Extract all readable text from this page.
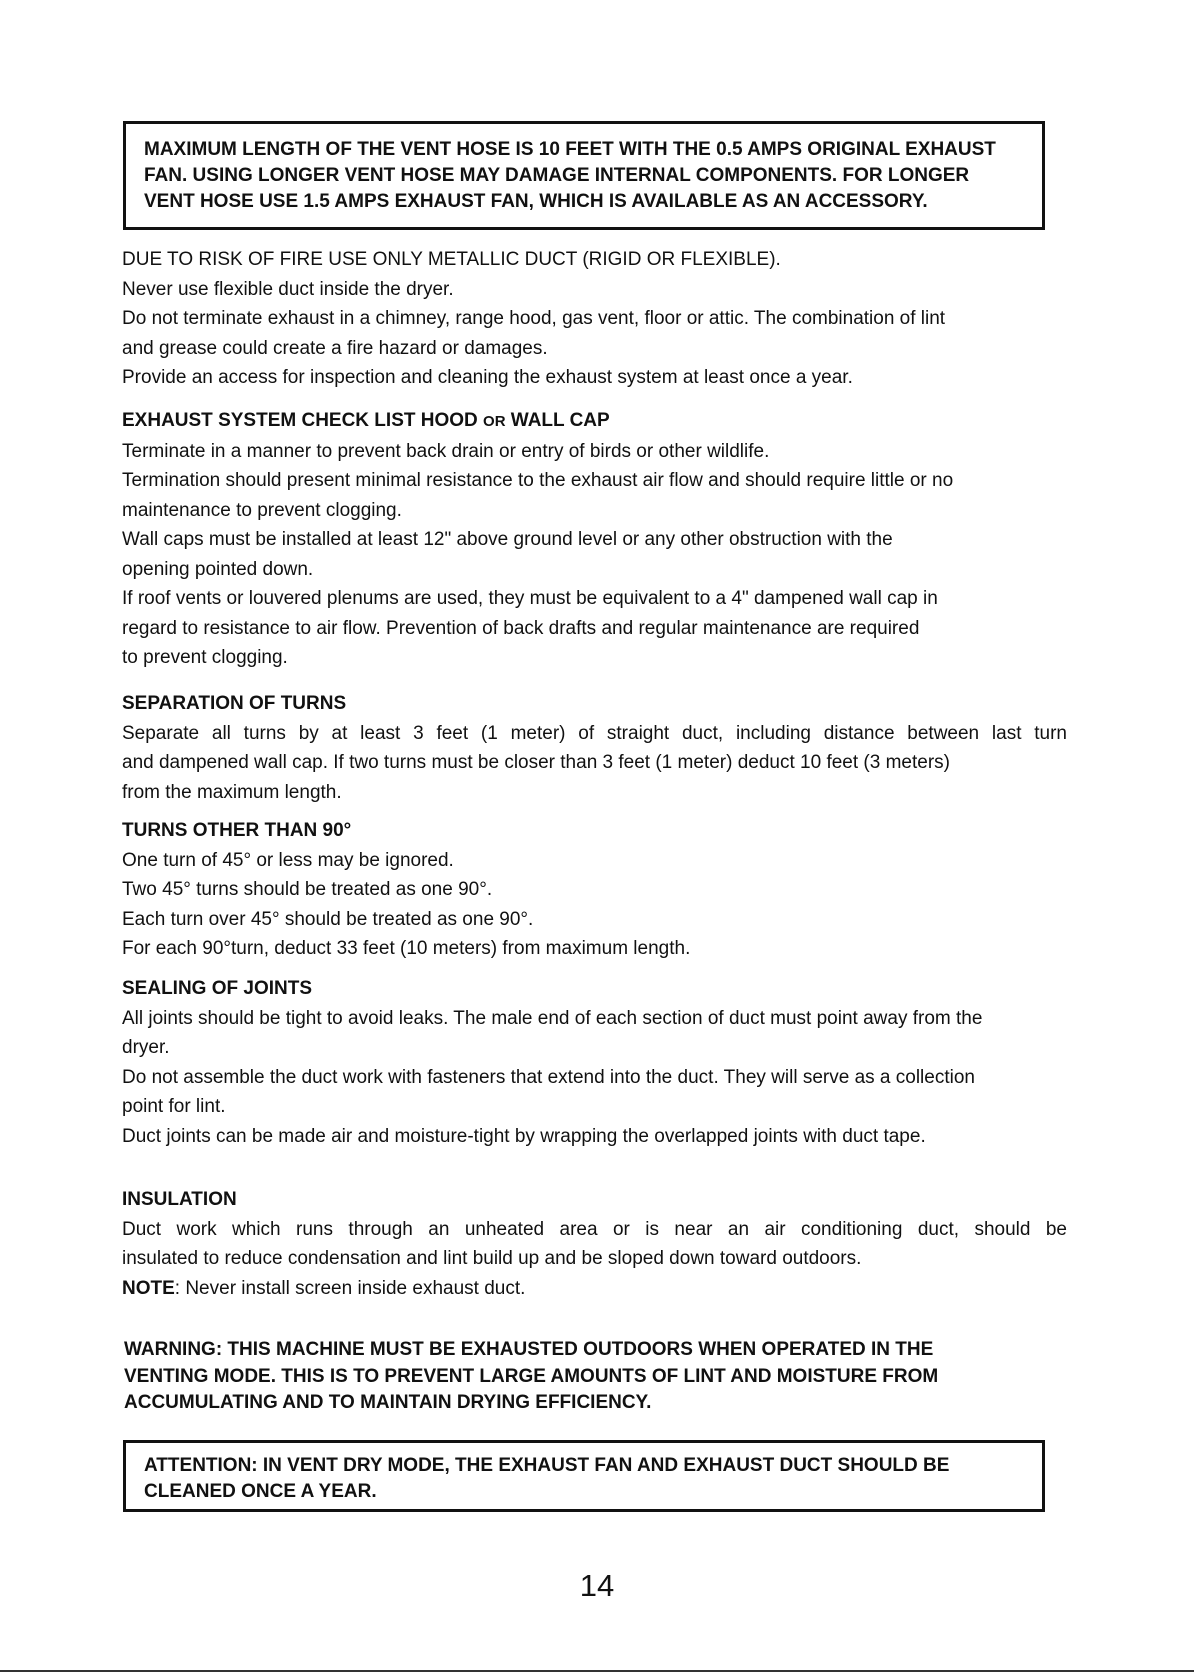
MAXIMUM LENGTH OF THE VENT HOSE IS 10 FEET WITH THE 0.5 AMPS ORIGINAL EXHAUST

FAN. USING LONGER VENT HOSE MAY DAMAGE INTERNAL COMPONENTS. FOR LONGER

VENT HOSE USE 1.5 AMPS EXHAUST FAN, WHICH IS AVAILABLE AS AN ACCESSORY.

DUE TO RISK OF FIRE USE ONLY METALLIC DUCT (RIGID OR FLEXIBLE).

Never use flexible duct inside the dryer.

Do not terminate exhaust in a chimney, range hood, gas vent, floor or attic. The combination of lint

and grease could create a fire hazard or damages.

Provide an access for inspection and cleaning the exhaust system at least once a year.

EXHAUST SYSTEM CHECK LIST HOOD OR WALL CAP

Terminate in a manner to prevent back drain or entry of birds or other wildlife.

Termination should present minimal resistance to the exhaust air flow and should require little or no

maintenance to prevent clogging.

Wall caps must be installed at least 12" above ground level or any other obstruction with the

opening pointed down.

If roof vents or louvered plenums are used, they must be equivalent to a 4" dampened wall cap in

regard to resistance to air flow. Prevention of back drafts and regular maintenance are required

to prevent clogging.

SEPARATION OF TURNS

Separate all turns by at least 3 feet (1 meter) of straight duct, including distance between last turn

and dampened wall cap. If two turns must be closer than 3 feet (1 meter) deduct 10 feet (3 meters)

from the maximum length.

TURNS OTHER THAN 90°

One turn of 45° or less may be ignored.

Two 45° turns should be treated as one 90°.

Each turn over 45° should be treated as one 90°.

For each 90°turn, deduct 33 feet (10 meters) from maximum length.

SEALING OF JOINTS

All joints should be tight to avoid leaks. The male end of each section of duct must point away from the

dryer.

Do not assemble the duct work with fasteners that extend into the duct. They will serve as a collection

point for lint.

Duct joints can be made air and moisture-tight by wrapping the overlapped joints with duct tape.

INSULATION

Duct work which runs through an unheated area or is near an air conditioning duct, should be

insulated to reduce condensation and lint build up and be sloped down toward outdoors.

NOTE: Never install screen inside exhaust duct.

WARNING: THIS MACHINE MUST BE EXHAUSTED OUTDOORS WHEN OPERATED IN THE

VENTING MODE. THIS IS TO PREVENT LARGE AMOUNTS OF LINT AND MOISTURE FROM

ACCUMULATING AND TO MAINTAIN DRYING EFFICIENCY.

ATTENTION: IN VENT DRY MODE, THE EXHAUST FAN AND EXHAUST DUCT SHOULD BE

CLEANED ONCE A YEAR.

14
